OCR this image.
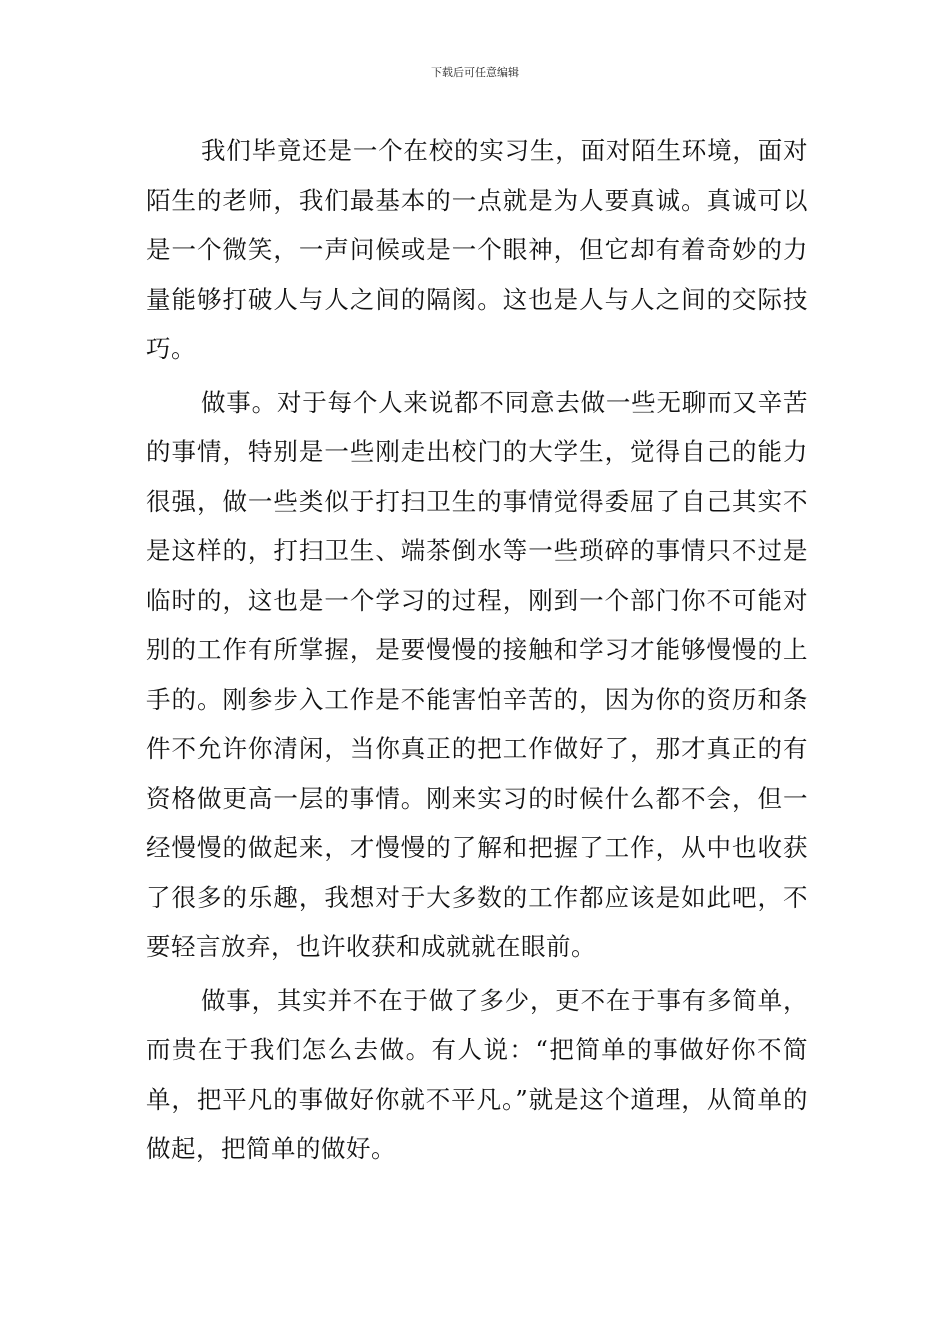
下载后可任意编辑

我们毕竟还是一个在校的实习生，面对陌生环境，面对陌生的老师，我们最基本的一点就是为人要真诚。真诚可以是一个微笑，一声问候或是一个眼神，但它却有着奇妙的力量能够打破人与人之间的隔阂。这也是人与人之间的交际技巧。

做事。对于每个人来说都不同意去做一些无聊而又辛苦的事情，特别是一些刚走出校门的大学生，觉得自己的能力很强，做一些类似于打扫卫生的事情觉得委屈了自己其实不是这样的，打扫卫生、端茶倒水等一些琐碎的事情只不过是临时的，这也是一个学习的过程，刚到一个部门你不可能对别的工作有所掌握，是要慢慢的接触和学习才能够慢慢的上手的。刚参步入工作是不能害怕辛苦的，因为你的资历和条件不允许你清闲，当你真正的把工作做好了，那才真正的有资格做更高一层的事情。刚来实习的时候什么都不会，但一经慢慢的做起来，才慢慢的了解和把握了工作，从中也收获了很多的乐趣，我想对于大多数的工作都应该是如此吧，不要轻言放弃，也许收获和成就就在眼前。

做事，其实并不在于做了多少，更不在于事有多简单，而贵在于我们怎么去做。有人说：“把简单的事做好你不简单，把平凡的事做好你就不平凡。”就是这个道理，从简单的做起，把简单的做好。
